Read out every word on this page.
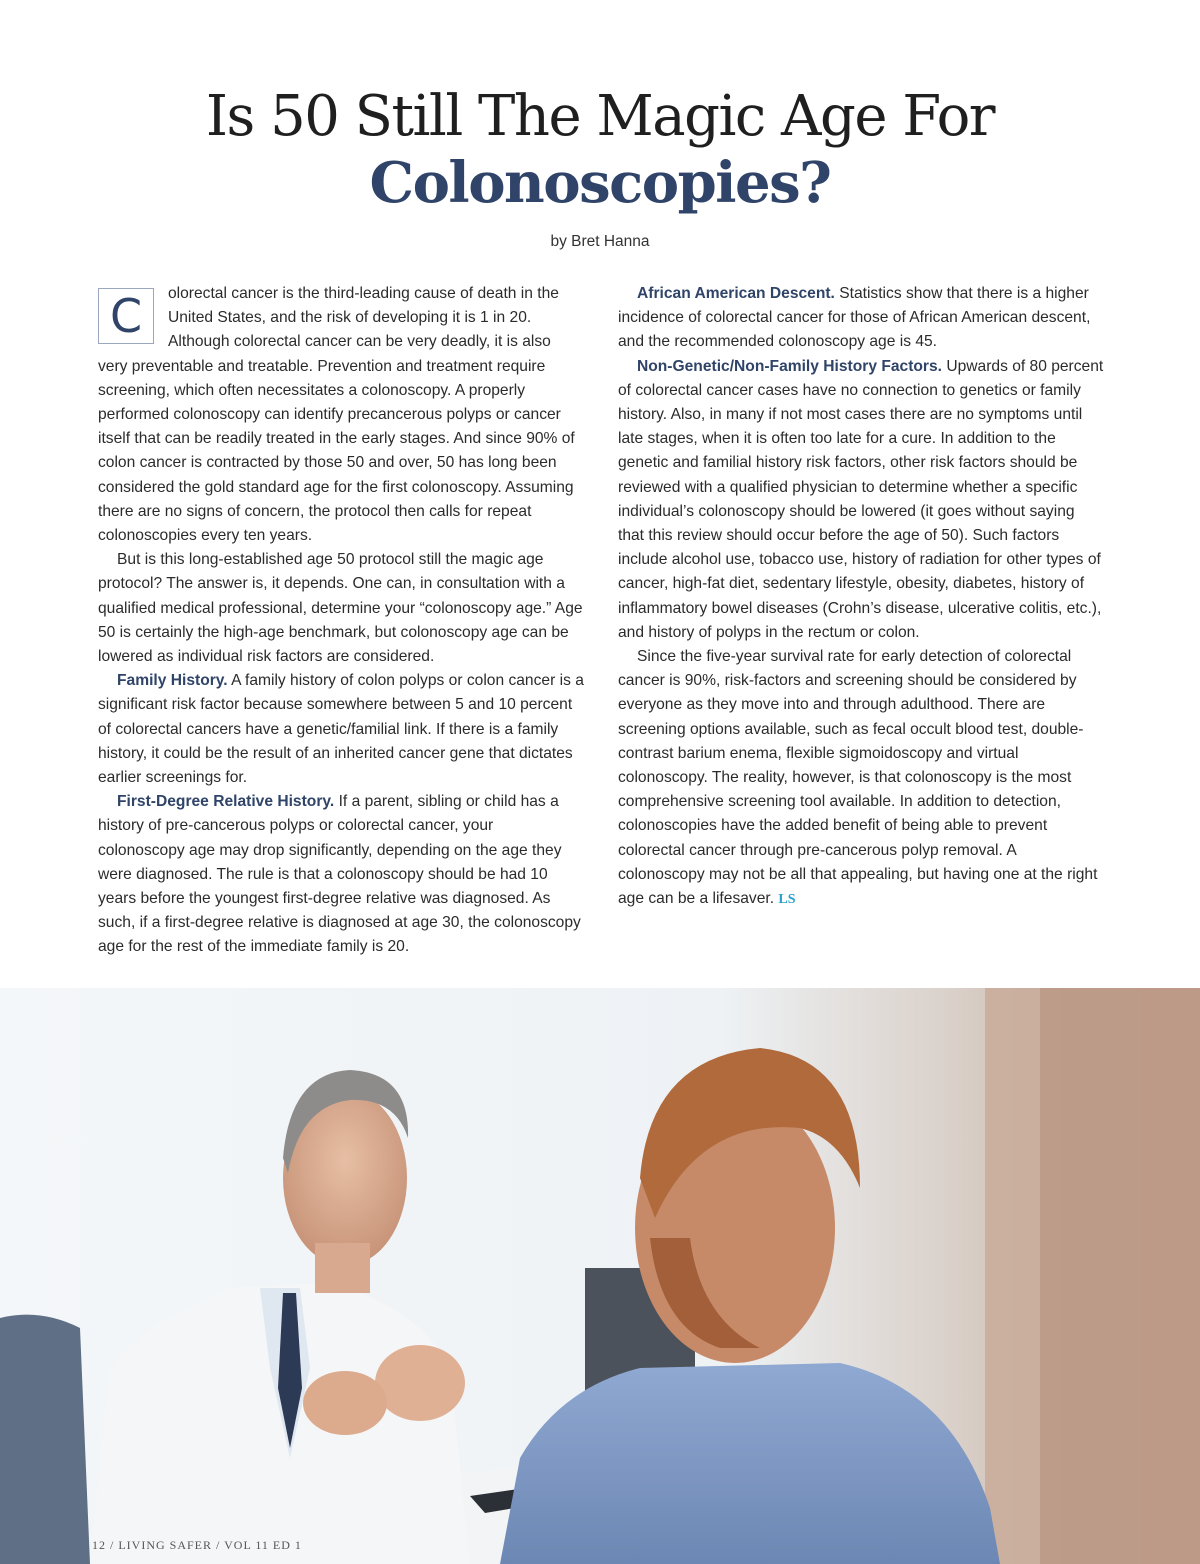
Is 50 Still The Magic Age For
Colonoscopies?
by Bret Hanna

C	olorectal cancer is the third-leading cause of death in the United States, and the risk of developing it is 1 in 20. Although colorectal cancer can be very deadly, it is also very preventable and treatable. Prevention and treatment require screening, which often necessitates a colonoscopy. A properly performed colonoscopy can identify precancerous polyps or cancer itself that can be readily treated in the early stages. And since 90% of colon cancer is contracted by those 50 and over, 50 has long been considered the gold standard age for the first colonoscopy. Assuming there are no signs of concern, the protocol then calls for repeat colonoscopies every ten years.

But is this long-established age 50 protocol still the magic age protocol? The answer is, it depends. One can, in consultation with a qualified medical professional, determine your “colonoscopy age.” Age 50 is certainly the high-age benchmark, but colonoscopy age can be lowered as individual risk factors are considered.

Family History. A family history of colon polyps or colon cancer is a significant risk factor because somewhere between 5 and 10 percent of colorectal cancers have a genetic/familial link. If there is a family history, it could be the result of an inherited cancer gene that dictates earlier screenings for.

First-Degree Relative History. If a parent, sibling or child has a history of pre-cancerous polyps or colorectal cancer, your colonoscopy age may drop significantly, depending on the age they were diagnosed. The rule is that a colonoscopy should be had 10 years before the youngest first-degree relative was diagnosed. As such, if a first-degree relative is diagnosed at age 30, the colonoscopy age for the rest of the immediate family is 20.

African American Descent. Statistics show that there is a higher incidence of colorectal cancer for those of African American descent, and the recommended colonoscopy age is 45.

Non-Genetic/Non-Family History Factors. Upwards of 80 percent of colorectal cancer cases have no connection to genetics or family history. Also, in many if not most cases there are no symptoms until late stages, when it is often too late for a cure. In addition to the genetic and familial history risk factors, other risk factors should be reviewed with a qualified physician to determine whether a specific individual’s colonoscopy should be lowered (it goes without saying that this review should occur before the age of 50). Such factors include alcohol use, tobacco use, history of radiation for other types of cancer, high-fat diet, sedentary lifestyle, obesity, diabetes, history of inflammatory bowel diseases (Crohn’s disease, ulcerative colitis, etc.), and history of polyps in the rectum or colon.

Since the five-year survival rate for early detection of colorectal cancer is 90%, risk-factors and screening should be considered by everyone as they move into and through adulthood. There are screening options available, such as fecal occult blood test, double-contrast barium enema, flexible sigmoidoscopy and virtual colonoscopy. The reality, however, is that colonoscopy is the most comprehensive screening tool available. In addition to detection, colonoscopies have the added benefit of being able to prevent colorectal cancer through pre-cancerous polyp removal. A colonoscopy may not be all that appealing, but having one at the right age can be a lifesaver. LS

12 / LIVING SAFER / VOL 11 ED 1
